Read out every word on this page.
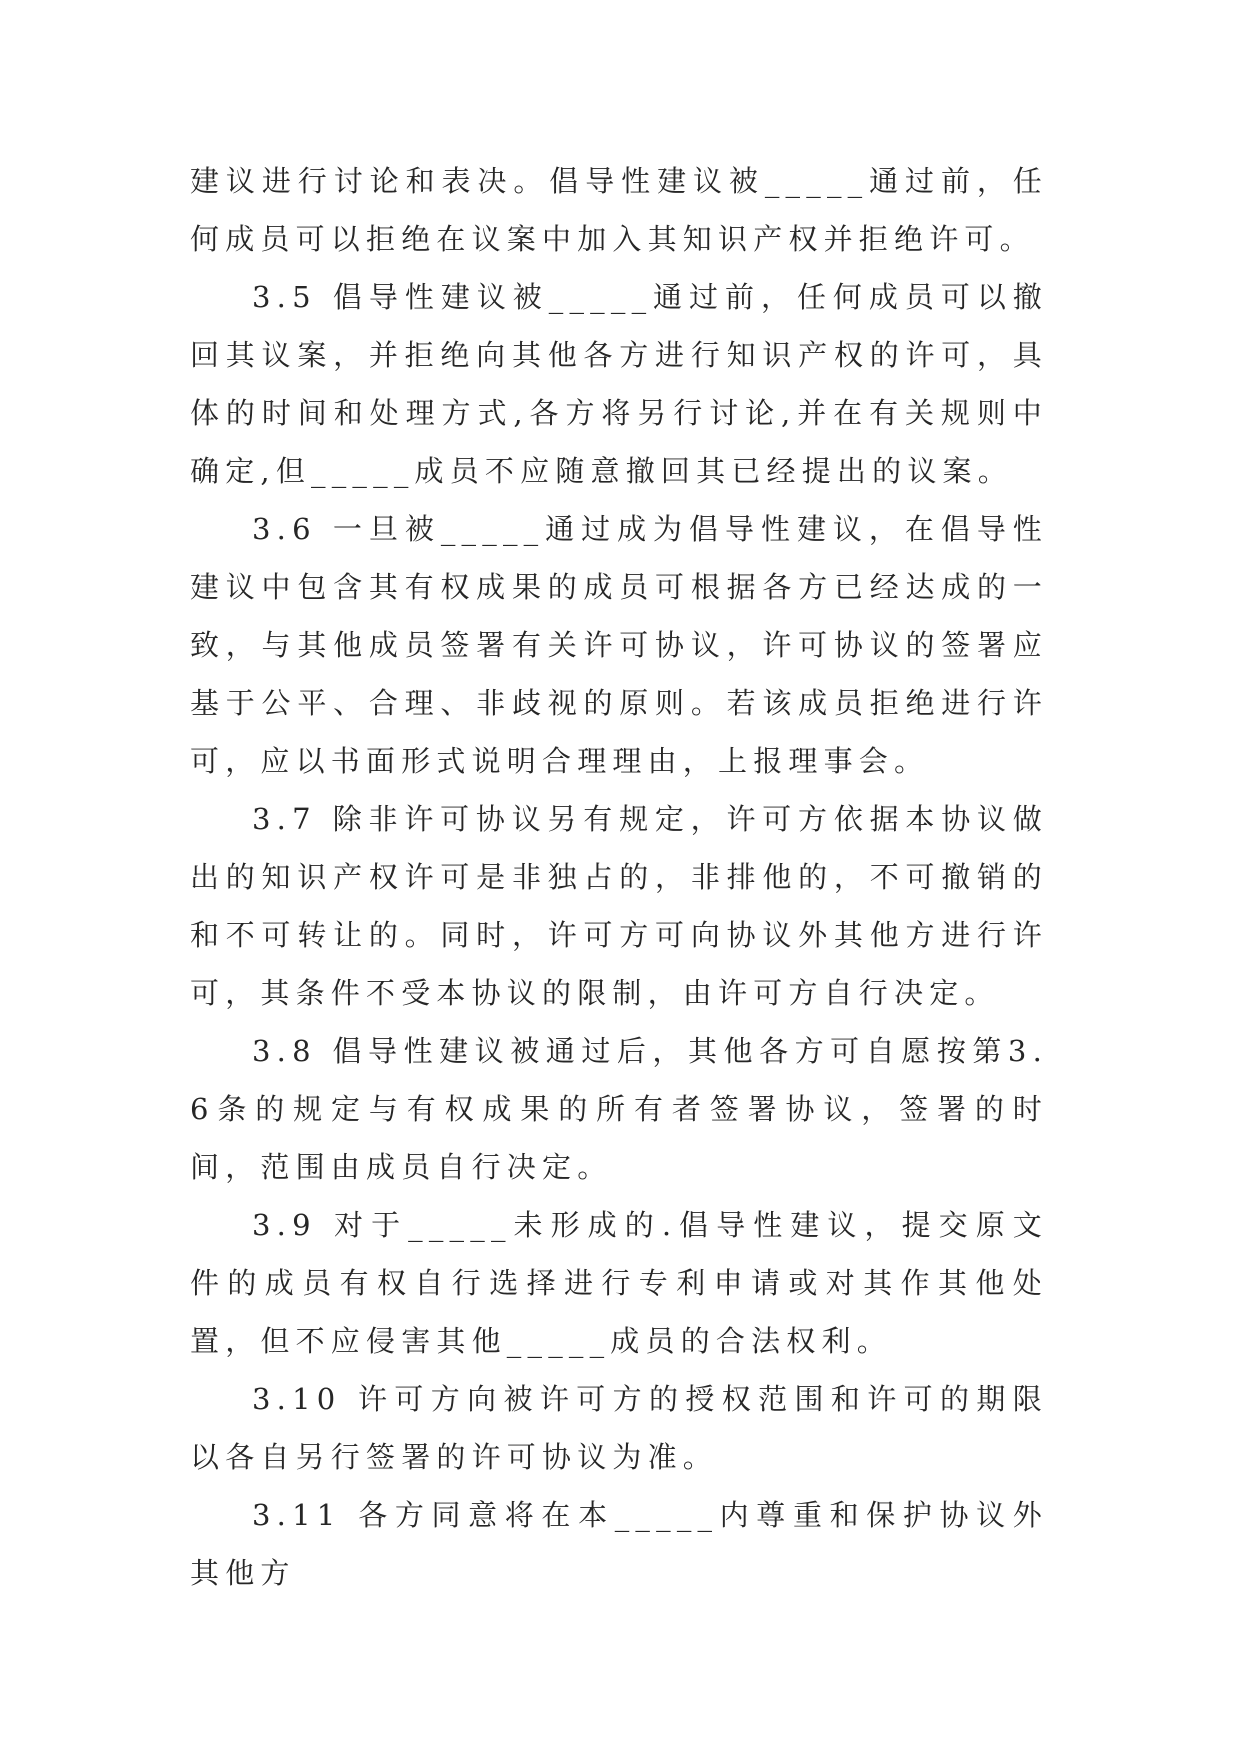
建议进行讨论和表决。倡导性建议被_____通过前，任何成员可以拒绝在议案中加入其知识产权并拒绝许可。

3.5 倡导性建议被_____通过前，任何成员可以撤回其议案，并拒绝向其他各方进行知识产权的许可，具体的时间和处理方式,各方将另行讨论,并在有关规则中确定,但_____成员不应随意撤回其已经提出的议案。

3.6 一旦被_____通过成为倡导性建议，在倡导性建议中包含其有权成果的成员可根据各方已经达成的一致，与其他成员签署有关许可协议，许可协议的签署应基于公平、合理、非歧视的原则。若该成员拒绝进行许可，应以书面形式说明合理理由，上报理事会。

3.7 除非许可协议另有规定，许可方依据本协议做出的知识产权许可是非独占的，非排他的，不可撤销的和不可转让的。同时，许可方可向协议外其他方进行许可，其条件不受本协议的限制，由许可方自行决定。

3.8 倡导性建议被通过后，其他各方可自愿按第3.6条的规定与有权成果的所有者签署协议，签署的时间，范围由成员自行决定。

3.9 对于_____未形成的.倡导性建议，提交原文件的成员有权自行选择进行专利申请或对其作其他处置，但不应侵害其他_____成员的合法权利。

3.10 许可方向被许可方的授权范围和许可的期限以各自另行签署的许可协议为准。

3.11 各方同意将在本_____内尊重和保护协议外其他方
